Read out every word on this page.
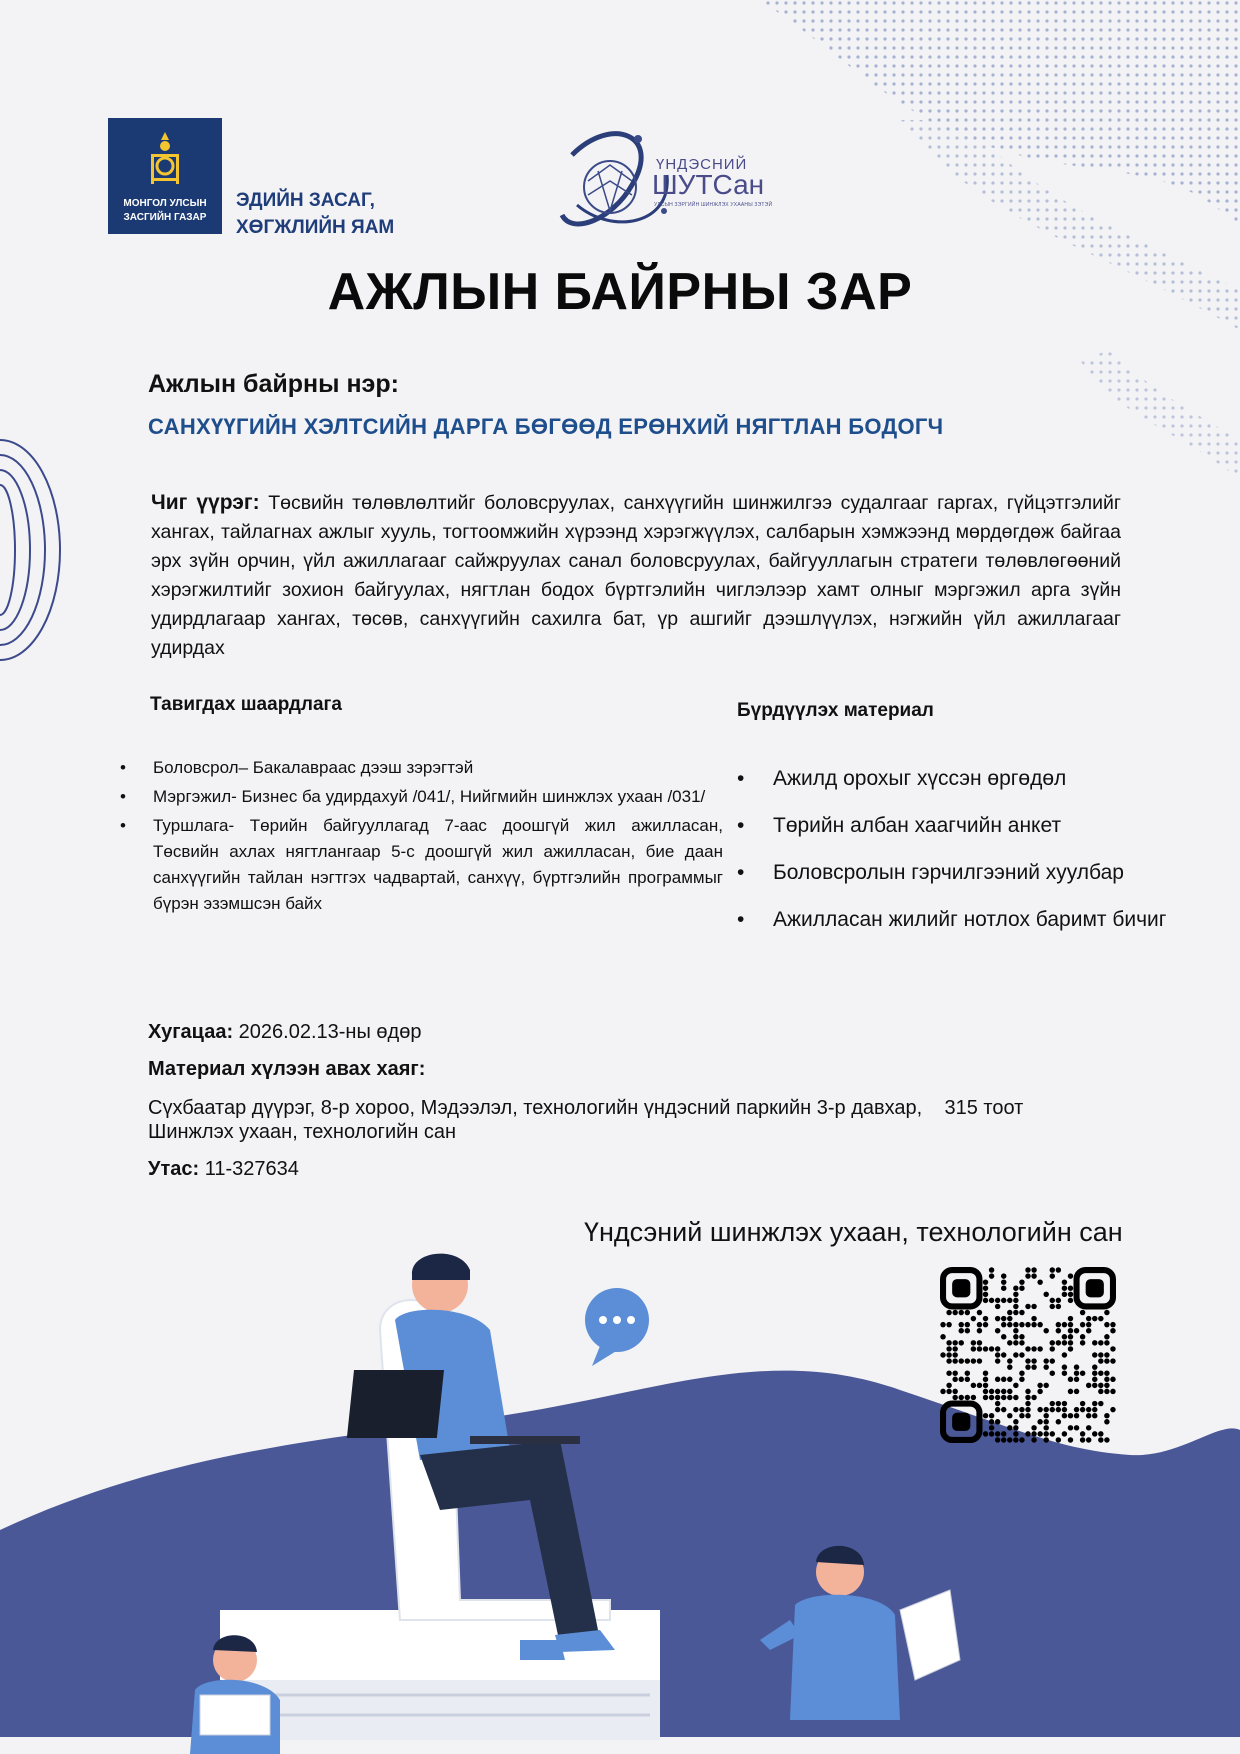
МОНГОЛ УЛСЫН
ЗАСГИЙН ГАЗАР
ЭДИЙН ЗАСАГ,
ХӨГЖЛИЙН ЯАМ
ҮНДЭСНИЙ
ШУТСан
УЛСЫН ЗЭРГИЙН ШИНЖЛЭХ УХААНЫ ЗЭТЭЙ
АЖЛЫН БАЙРНЫ ЗАР
Ажлын байрны нэр:
САНХҮҮГИЙН ХЭЛТСИЙН ДАРГА БӨГӨӨД ЕРӨНХИЙ НЯГТЛАН БОДОГЧ
Чиг үүрэг: Төсвийн төлөвлөлтийг боловсруулах, санхүүгийн шинжилгээ судалгааг гаргах, гүйцэтгэлийг хангах, тайлагнах ажлыг хууль, тогтоомжийн хүрээнд хэрэгжүүлэх, салбарын хэмжээнд мөрдөгдөж байгаа эрх зүйн орчин, үйл ажиллагааг сайжруулах санал боловсруулах, байгууллагын стратеги төлөвлөгөөний хэрэгжилтийг зохион байгуулах, нягтлан бодох бүртгэлийн чиглэлээр хамт олныг мэргэжил арга зүйн удирдлагаар хангах, төсөв, санхүүгийн сахилга бат, үр ашгийг дээшлүүлэх, нэгжийн үйл ажиллагааг удирдах
Тавигдах шаардлага
• Боловсрол– Бакалавраас дээш зэрэгтэй
• Мэргэжил- Бизнес ба удирдахуй /041/, Нийгмийн шинжлэх ухаан /031/
• Туршлага- Төрийн байгууллагад 7-аас доошгүй жил ажилласан, Төсвийн ахлах нягтлангаар 5-с доошгүй жил ажилласан, бие даан санхүүгийн тайлан нэгтгэх чадвартай, санхүү, бүртгэлийн программыг бүрэн эзэмшсэн байх
Бүрдүүлэх материал
• Ажилд орохыг хүссэн өргөдөл
• Төрийн албан хаагчийн анкет
• Боловсролын гэрчилгээний хуулбар
• Ажилласан жилийг нотлох баримт бичиг
Хугацаа: 2026.02.13-ны өдөр
Материал хүлээн авах хаяг:
Сүхбаатар дүүрэг, 8-р хороо, Мэдээлэл, технологийн үндэсний паркийн 3-р давхар,    315 тоот Шинжлэх ухаан, технологийн сан
Утас: 11-327634
Үндсэний шинжлэх ухаан, технологийн сан
